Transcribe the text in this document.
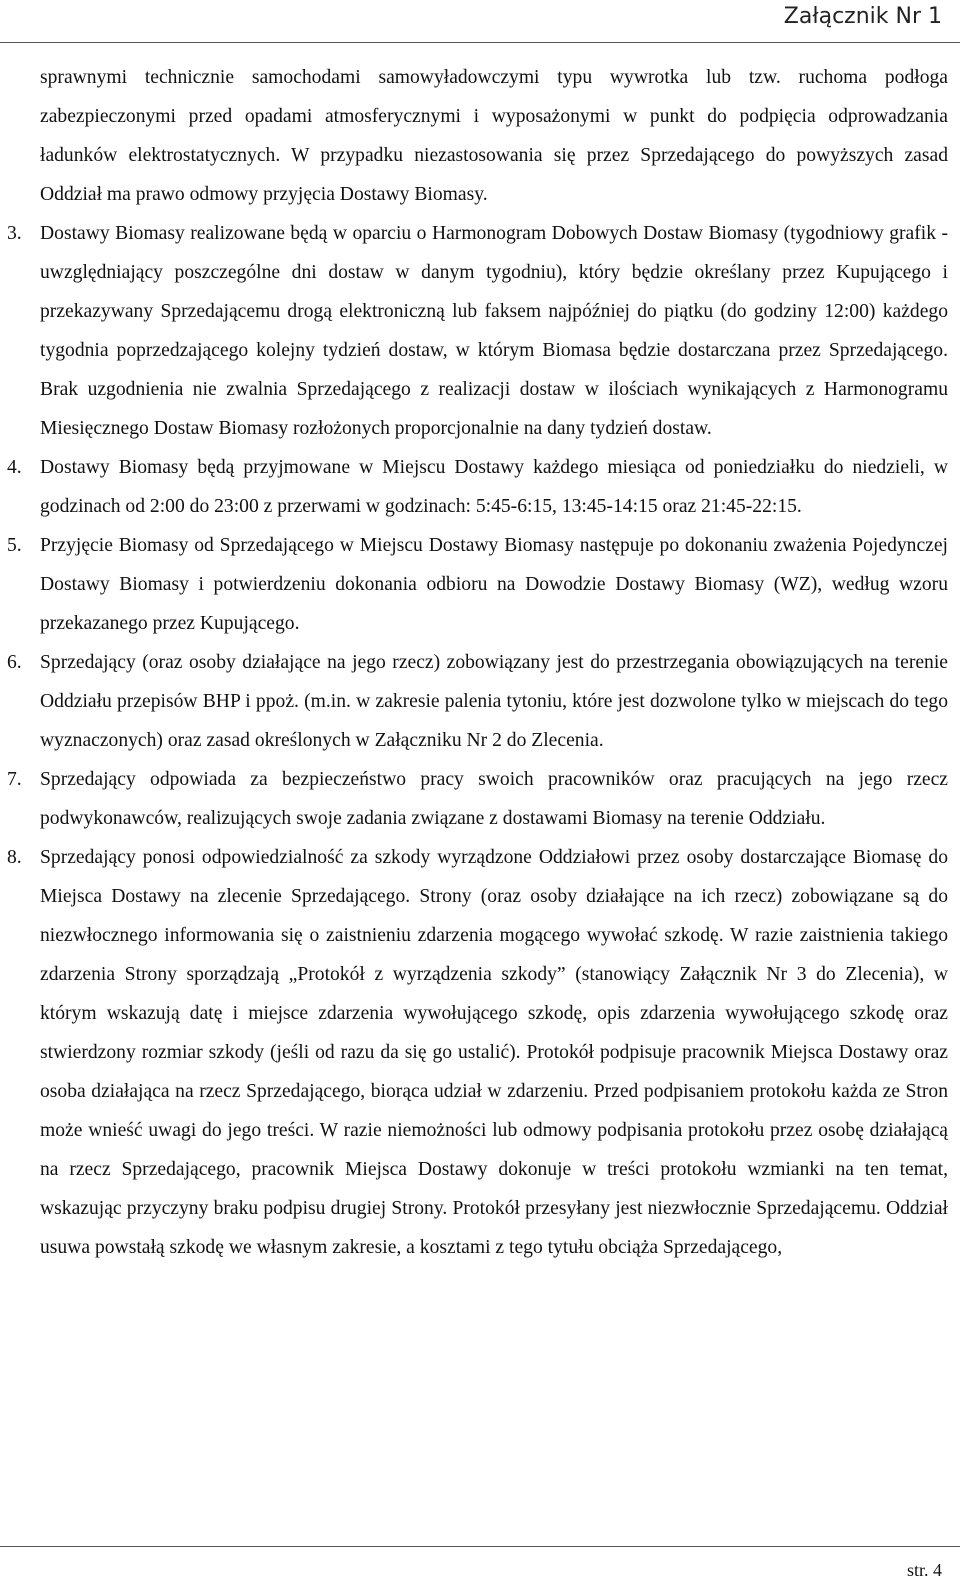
Załącznik Nr 1

sprawnymi technicznie samochodami samowyładowczymi typu wywrotka lub tzw. ruchoma podłoga zabezpieczonymi przed opadami atmosferycznymi i wyposażonymi w punkt do podpięcia odprowadzania ładunków elektrostatycznych. W przypadku niezastosowania się przez Sprzedającego do powyższych zasad Oddział ma prawo odmowy przyjęcia Dostawy Biomasy.

3. Dostawy Biomasy realizowane będą w oparciu o Harmonogram Dobowych Dostaw Biomasy (tygodniowy grafik - uwzględniający poszczególne dni dostaw w danym tygodniu), który będzie określany przez Kupującego i przekazywany Sprzedającemu drogą elektroniczną lub faksem najpóźniej do piątku (do godziny 12:00) każdego tygodnia poprzedzającego kolejny tydzień dostaw, w którym Biomasa będzie dostarczana przez Sprzedającego. Brak uzgodnienia nie zwalnia Sprzedającego z realizacji dostaw w ilościach wynikających z Harmonogramu Miesięcznego Dostaw Biomasy rozłożonych proporcjonalnie na dany tydzień dostaw.

4. Dostawy Biomasy będą przyjmowane w Miejscu Dostawy każdego miesiąca od poniedziałku do niedzieli, w godzinach od 2:00 do 23:00 z przerwami w godzinach: 5:45-6:15, 13:45-14:15 oraz 21:45-22:15.

5. Przyjęcie Biomasy od Sprzedającego w Miejscu Dostawy Biomasy następuje po dokonaniu zważenia Pojedynczej Dostawy Biomasy i potwierdzeniu dokonania odbioru na Dowodzie Dostawy Biomasy (WZ), według wzoru przekazanego przez Kupującego.

6. Sprzedający (oraz osoby działające na jego rzecz) zobowiązany jest do przestrzegania obowiązujących na terenie Oddziału przepisów BHP i ppoż. (m.in. w zakresie palenia tytoniu, które jest dozwolone tylko w miejscach do tego wyznaczonych) oraz zasad określonych w Załączniku Nr 2 do Zlecenia.

7. Sprzedający odpowiada za bezpieczeństwo pracy swoich pracowników oraz pracujących na jego rzecz podwykonawców, realizujących swoje zadania związane z dostawami Biomasy na terenie Oddziału.

8. Sprzedający ponosi odpowiedzialność za szkody wyrządzone Oddziałowi przez osoby dostarczające Biomasę do Miejsca Dostawy na zlecenie Sprzedającego. Strony (oraz osoby działające na ich rzecz) zobowiązane są do niezwłocznego informowania się o zaistnieniu zdarzenia mogącego wywołać szkodę. W razie zaistnienia takiego zdarzenia Strony sporządzają „Protokół z wyrządzenia szkody” (stanowiący Załącznik Nr 3 do Zlecenia), w którym wskazują datę i miejsce zdarzenia wywołującego szkodę, opis zdarzenia wywołującego szkodę oraz stwierdzony rozmiar szkody (jeśli od razu da się go ustalić). Protokół podpisuje pracownik Miejsca Dostawy oraz osoba działająca na rzecz Sprzedającego, biorąca udział w zdarzeniu. Przed podpisaniem protokołu każda ze Stron może wnieść uwagi do jego treści. W razie niemożności lub odmowy podpisania protokołu przez osobę działającą na rzecz Sprzedającego, pracownik Miejsca Dostawy dokonuje w treści protokołu wzmianki na ten temat, wskazując przyczyny braku podpisu drugiej Strony. Protokół przesyłany jest niezwłocznie Sprzedającemu. Oddział usuwa powstałą szkodę we własnym zakresie, a kosztami z tego tytułu obciąża Sprzedającego,

str. 4
